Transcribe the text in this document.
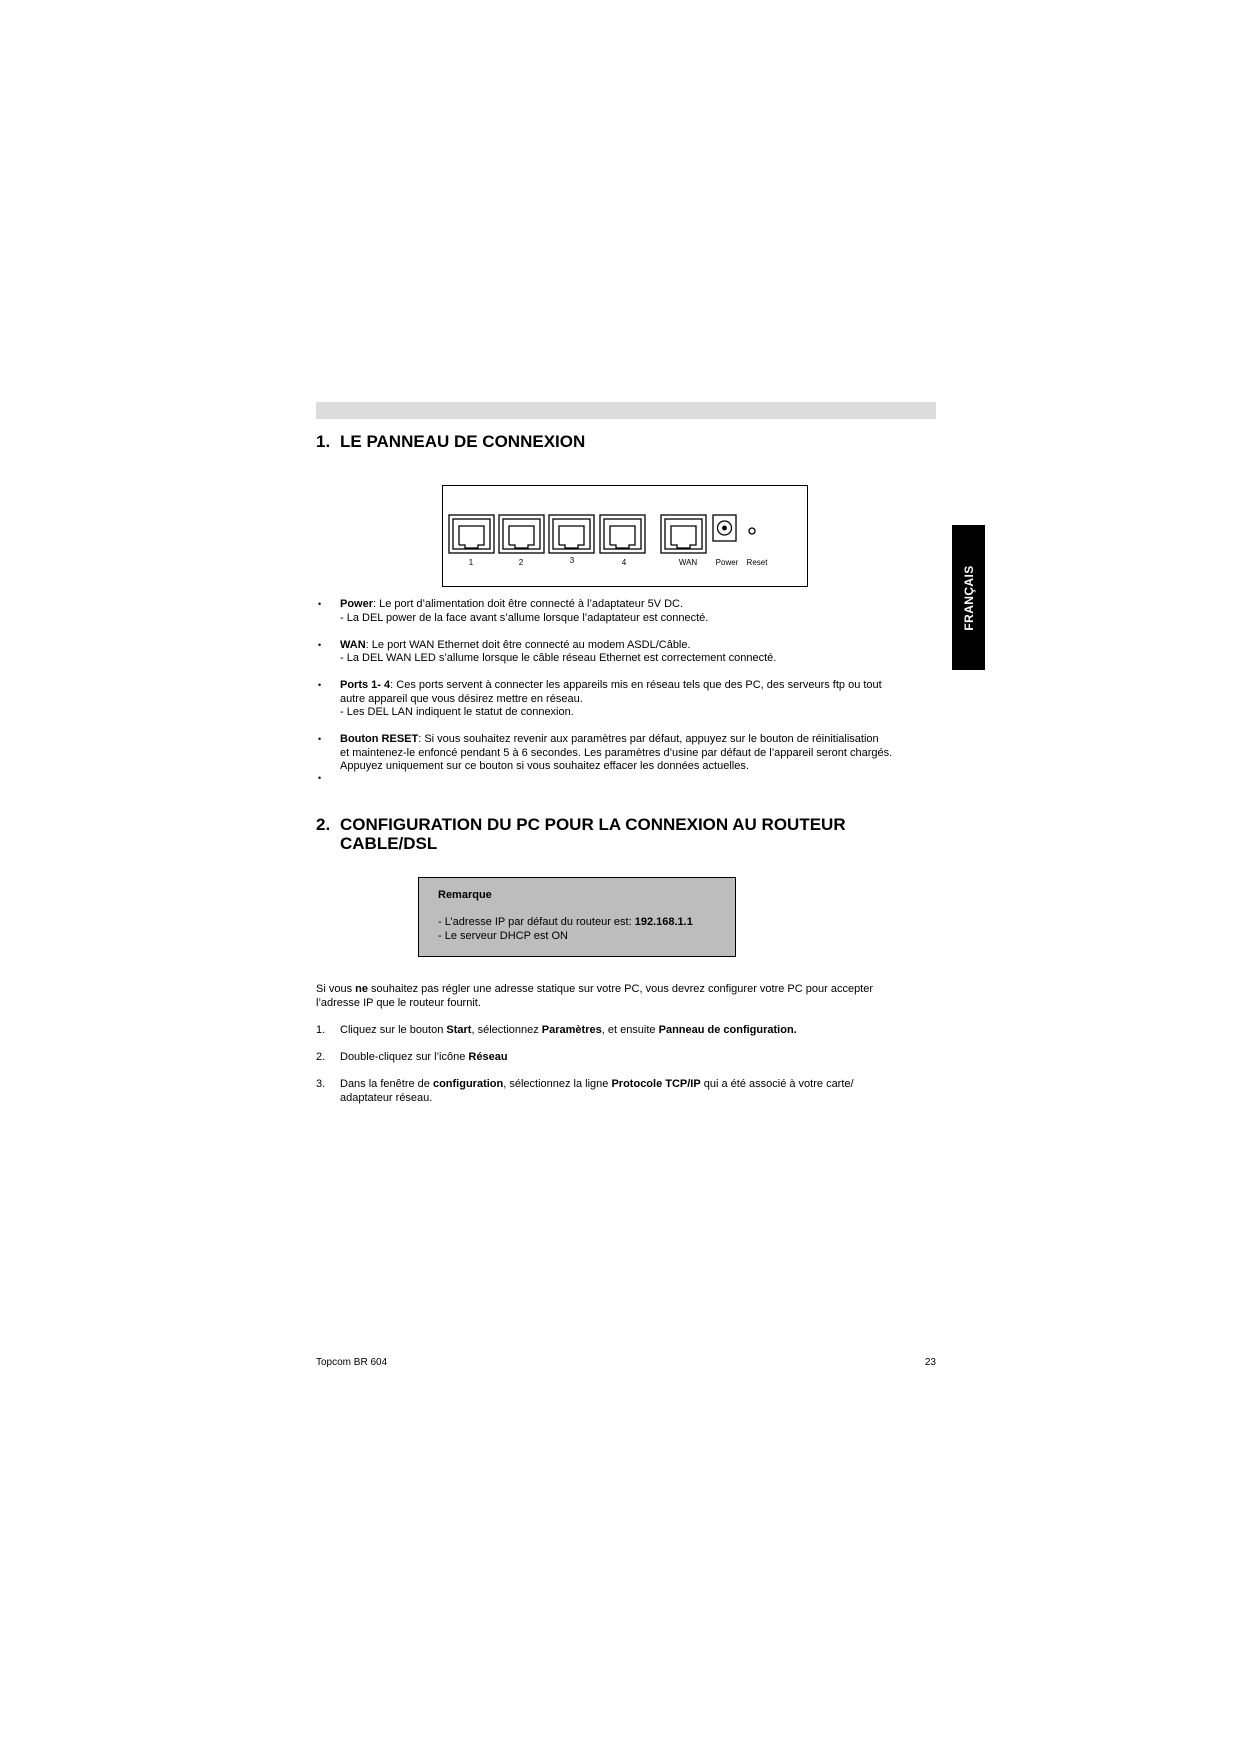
FRANÇAIS
1. LE PANNEAU DE CONNEXION
1	2	3	4	WAN Power Reset
• Power: Le port d’alimentation doit être connecté à l’adaptateur 5V DC.
- La DEL power de la face avant s’allume lorsque l’adaptateur est connecté.
• WAN: Le port WAN Ethernet doit être connecté au modem ASDL/Câble.
- La DEL WAN LED s’allume lorsque le câble réseau Ethernet est correctement connecté.
• Ports 1- 4: Ces ports servent à connecter les appareils mis en réseau tels que des PC, des serveurs ftp ou tout
autre appareil que vous désirez mettre en réseau.
- Les DEL LAN indiquent le statut de connexion.
• Bouton RESET: Si vous souhaitez revenir aux paramètres par défaut, appuyez sur le bouton de réinitialisation
et maintenez-le enfoncé pendant 5 à 6 secondes. Les paramètres d’usine par défaut de l’appareil seront chargés.
Appuyez uniquement sur ce bouton si vous souhaitez effacer les données actuelles.
•
2. CONFIGURATION DU PC POUR LA CONNEXION AU ROUTEUR
CABLE/DSL
Remarque
- L’adresse IP par défaut du routeur est: 192.168.1.1
- Le serveur DHCP est ON
Si vous ne souhaitez pas régler une adresse statique sur votre PC, vous devrez configurer votre PC pour accepter
l’adresse IP que le routeur fournit.
1. Cliquez sur le bouton Start, sélectionnez Paramètres, et ensuite Panneau de configuration.
2. Double-cliquez sur l’icône Réseau
3. Dans la fenêtre de configuration, sélectionnez la ligne Protocole TCP/IP qui a été associé à votre carte/
adaptateur réseau.
Topcom BR 604	23
